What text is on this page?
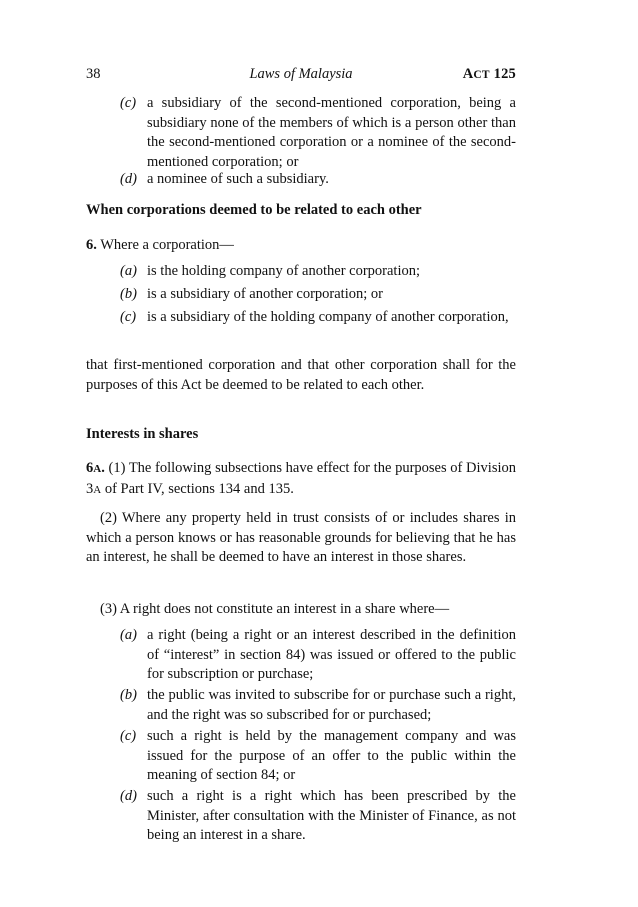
38	Laws of Malaysia	ACT 125
(c) a subsidiary of the second-mentioned corporation, being a subsidiary none of the members of which is a person other than the second-mentioned corporation or a nominee of the second-mentioned corporation; or
(d) a nominee of such a subsidiary.
When corporations deemed to be related to each other
6. Where a corporation—
(a) is the holding company of another corporation;
(b) is a subsidiary of another corporation; or
(c) is a subsidiary of the holding company of another corporation,
that first-mentioned corporation and that other corporation shall for the purposes of this Act be deemed to be related to each other.
Interests in shares
6A. (1) The following subsections have effect for the purposes of Division 3A of Part IV, sections 134 and 135.
(2) Where any property held in trust consists of or includes shares in which a person knows or has reasonable grounds for believing that he has an interest, he shall be deemed to have an interest in those shares.
(3) A right does not constitute an interest in a share where—
(a) a right (being a right or an interest described in the definition of “interest” in section 84) was issued or offered to the public for subscription or purchase;
(b) the public was invited to subscribe for or purchase such a right, and the right was so subscribed for or purchased;
(c) such a right is held by the management company and was issued for the purpose of an offer to the public within the meaning of section 84; or
(d) such a right is a right which has been prescribed by the Minister, after consultation with the Minister of Finance, as not being an interest in a share.
